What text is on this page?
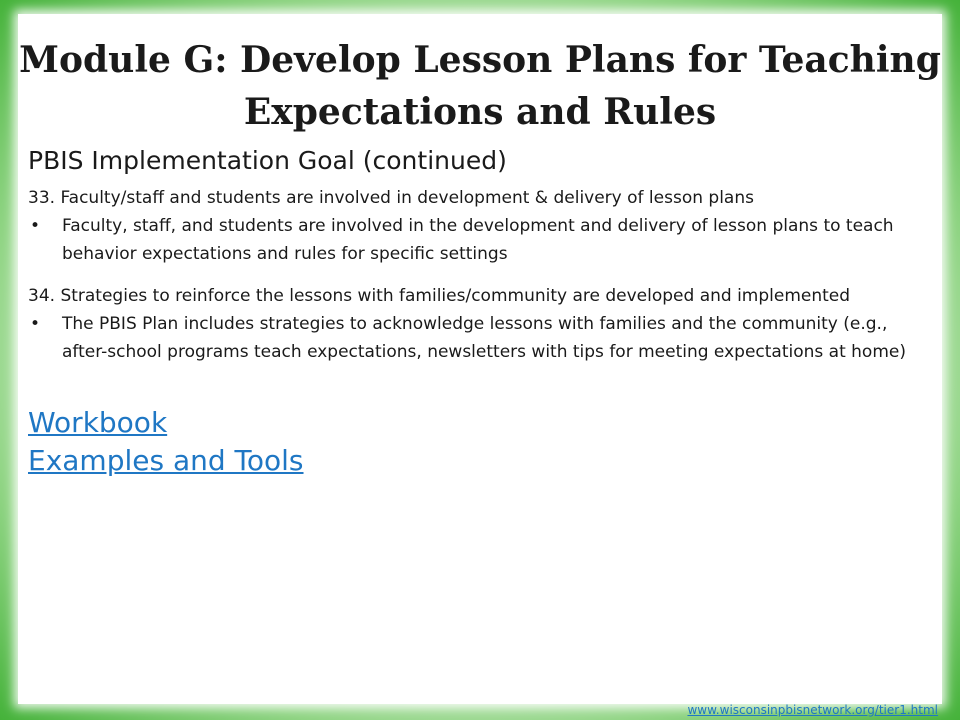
Module G: Develop Lesson Plans for Teaching Expectations and Rules

PBIS Implementation Goal (continued)

33. Faculty/staff and students are involved in development & delivery of lesson plans

•	Faculty, staff, and students are involved in the development and delivery of lesson plans to teach behavior expectations and rules for specific settings

34. Strategies to reinforce the lessons with families/community are developed and implemented

•	The PBIS Plan includes strategies to acknowledge lessons with families and the community (e.g., after-school programs teach expectations, newsletters with tips for meeting expectations at home)

Workbook
Examples and Tools
www.wisconsinpbisnetwork.org/tier1.html
